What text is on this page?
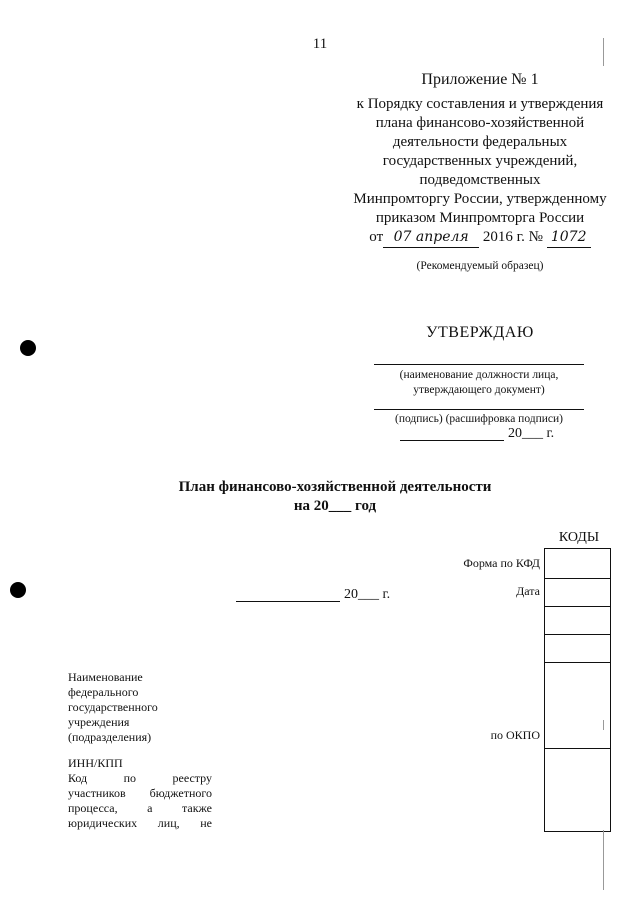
11
Приложение № 1
к Порядку составления и утверждения
плана финансово-хозяйственной
деятельности федеральных
государственных учреждений,
подведомственных
Минпромторгу России, утвержденному
приказом Минпромторга России
от 07 апреля 2016 г. № 1072
(Рекомендуемый образец)
УТВЕРЖДАЮ
(наименование должности лица,
утверждающего документ)
(подпись) (расшифровка подписи)
20___ г.
План финансово-хозяйственной деятельности
на 20___ год
КОДЫ
Форма по КФД
Дата
по ОКПО
20___ г.
Наименование
федерального
государственного
учреждения
(подразделения)
ИНН/КПП
Код	по	реестру
участников бюджетного
процесса, а также
юридических лиц, не
